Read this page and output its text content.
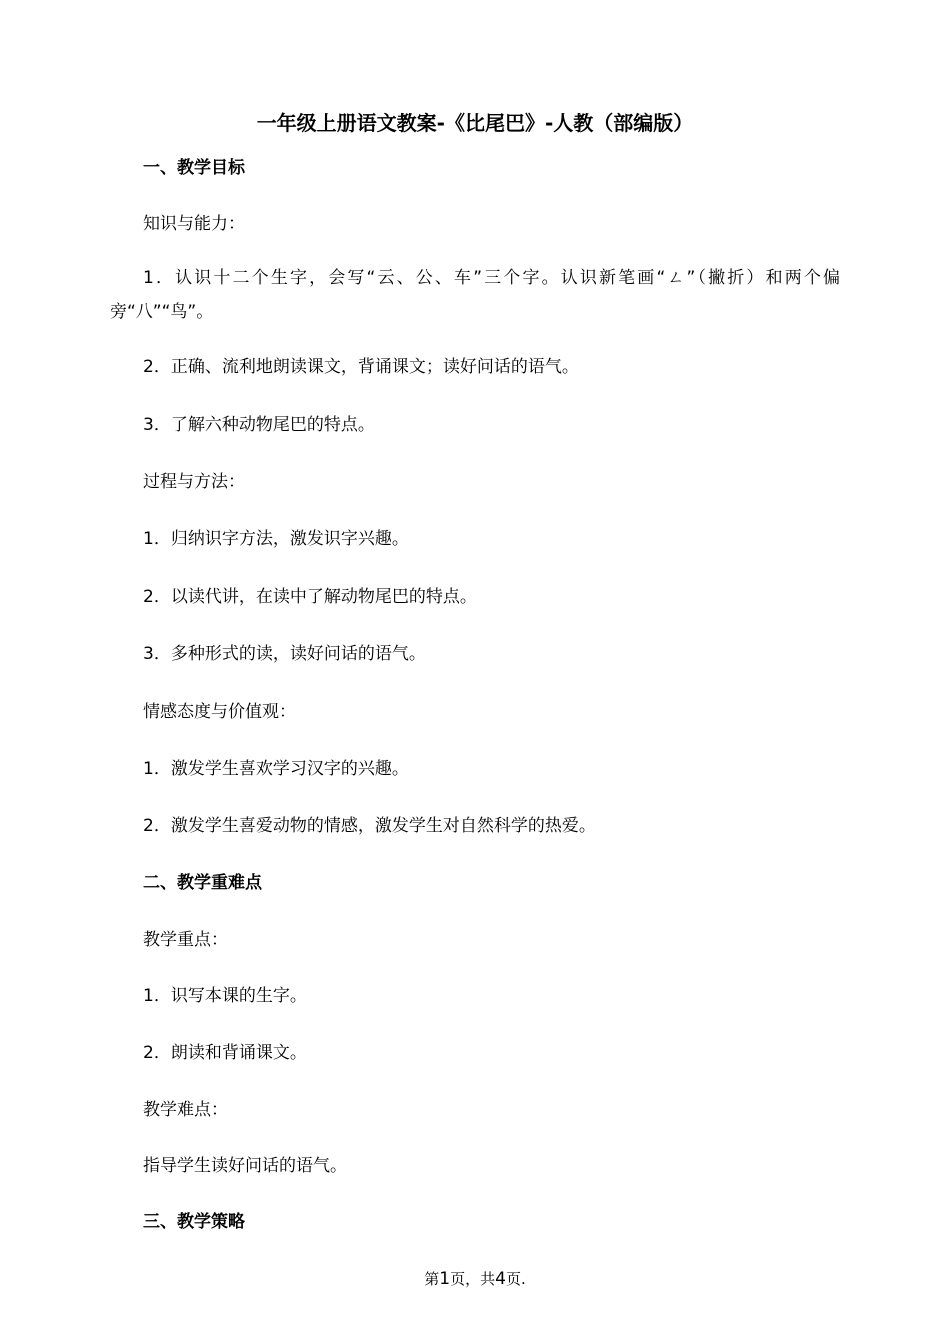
一年级上册语文教案-《比尾巴》-人教（部编版）
一、教学目标
知识与能力：
1．认识十二个生字，会写“云、公、车”三个字。认识新笔画“ㄥ”（撇折）和两个偏旁“八”“鸟”。
2．正确、流利地朗读课文，背诵课文；读好问话的语气。
3．了解六种动物尾巴的特点。
过程与方法：
1．归纳识字方法，激发识字兴趣。
2．以读代讲，在读中了解动物尾巴的特点。
3．多种形式的读，读好问话的语气。
情感态度与价值观：
1．激发学生喜欢学习汉字的兴趣。
2．激发学生喜爱动物的情感，激发学生对自然科学的热爱。
二、教学重难点
教学重点：
1．识写本课的生字。
2．朗读和背诵课文。
教学难点：
指导学生读好问话的语气。
三、教学策略
第1页，共4页.
